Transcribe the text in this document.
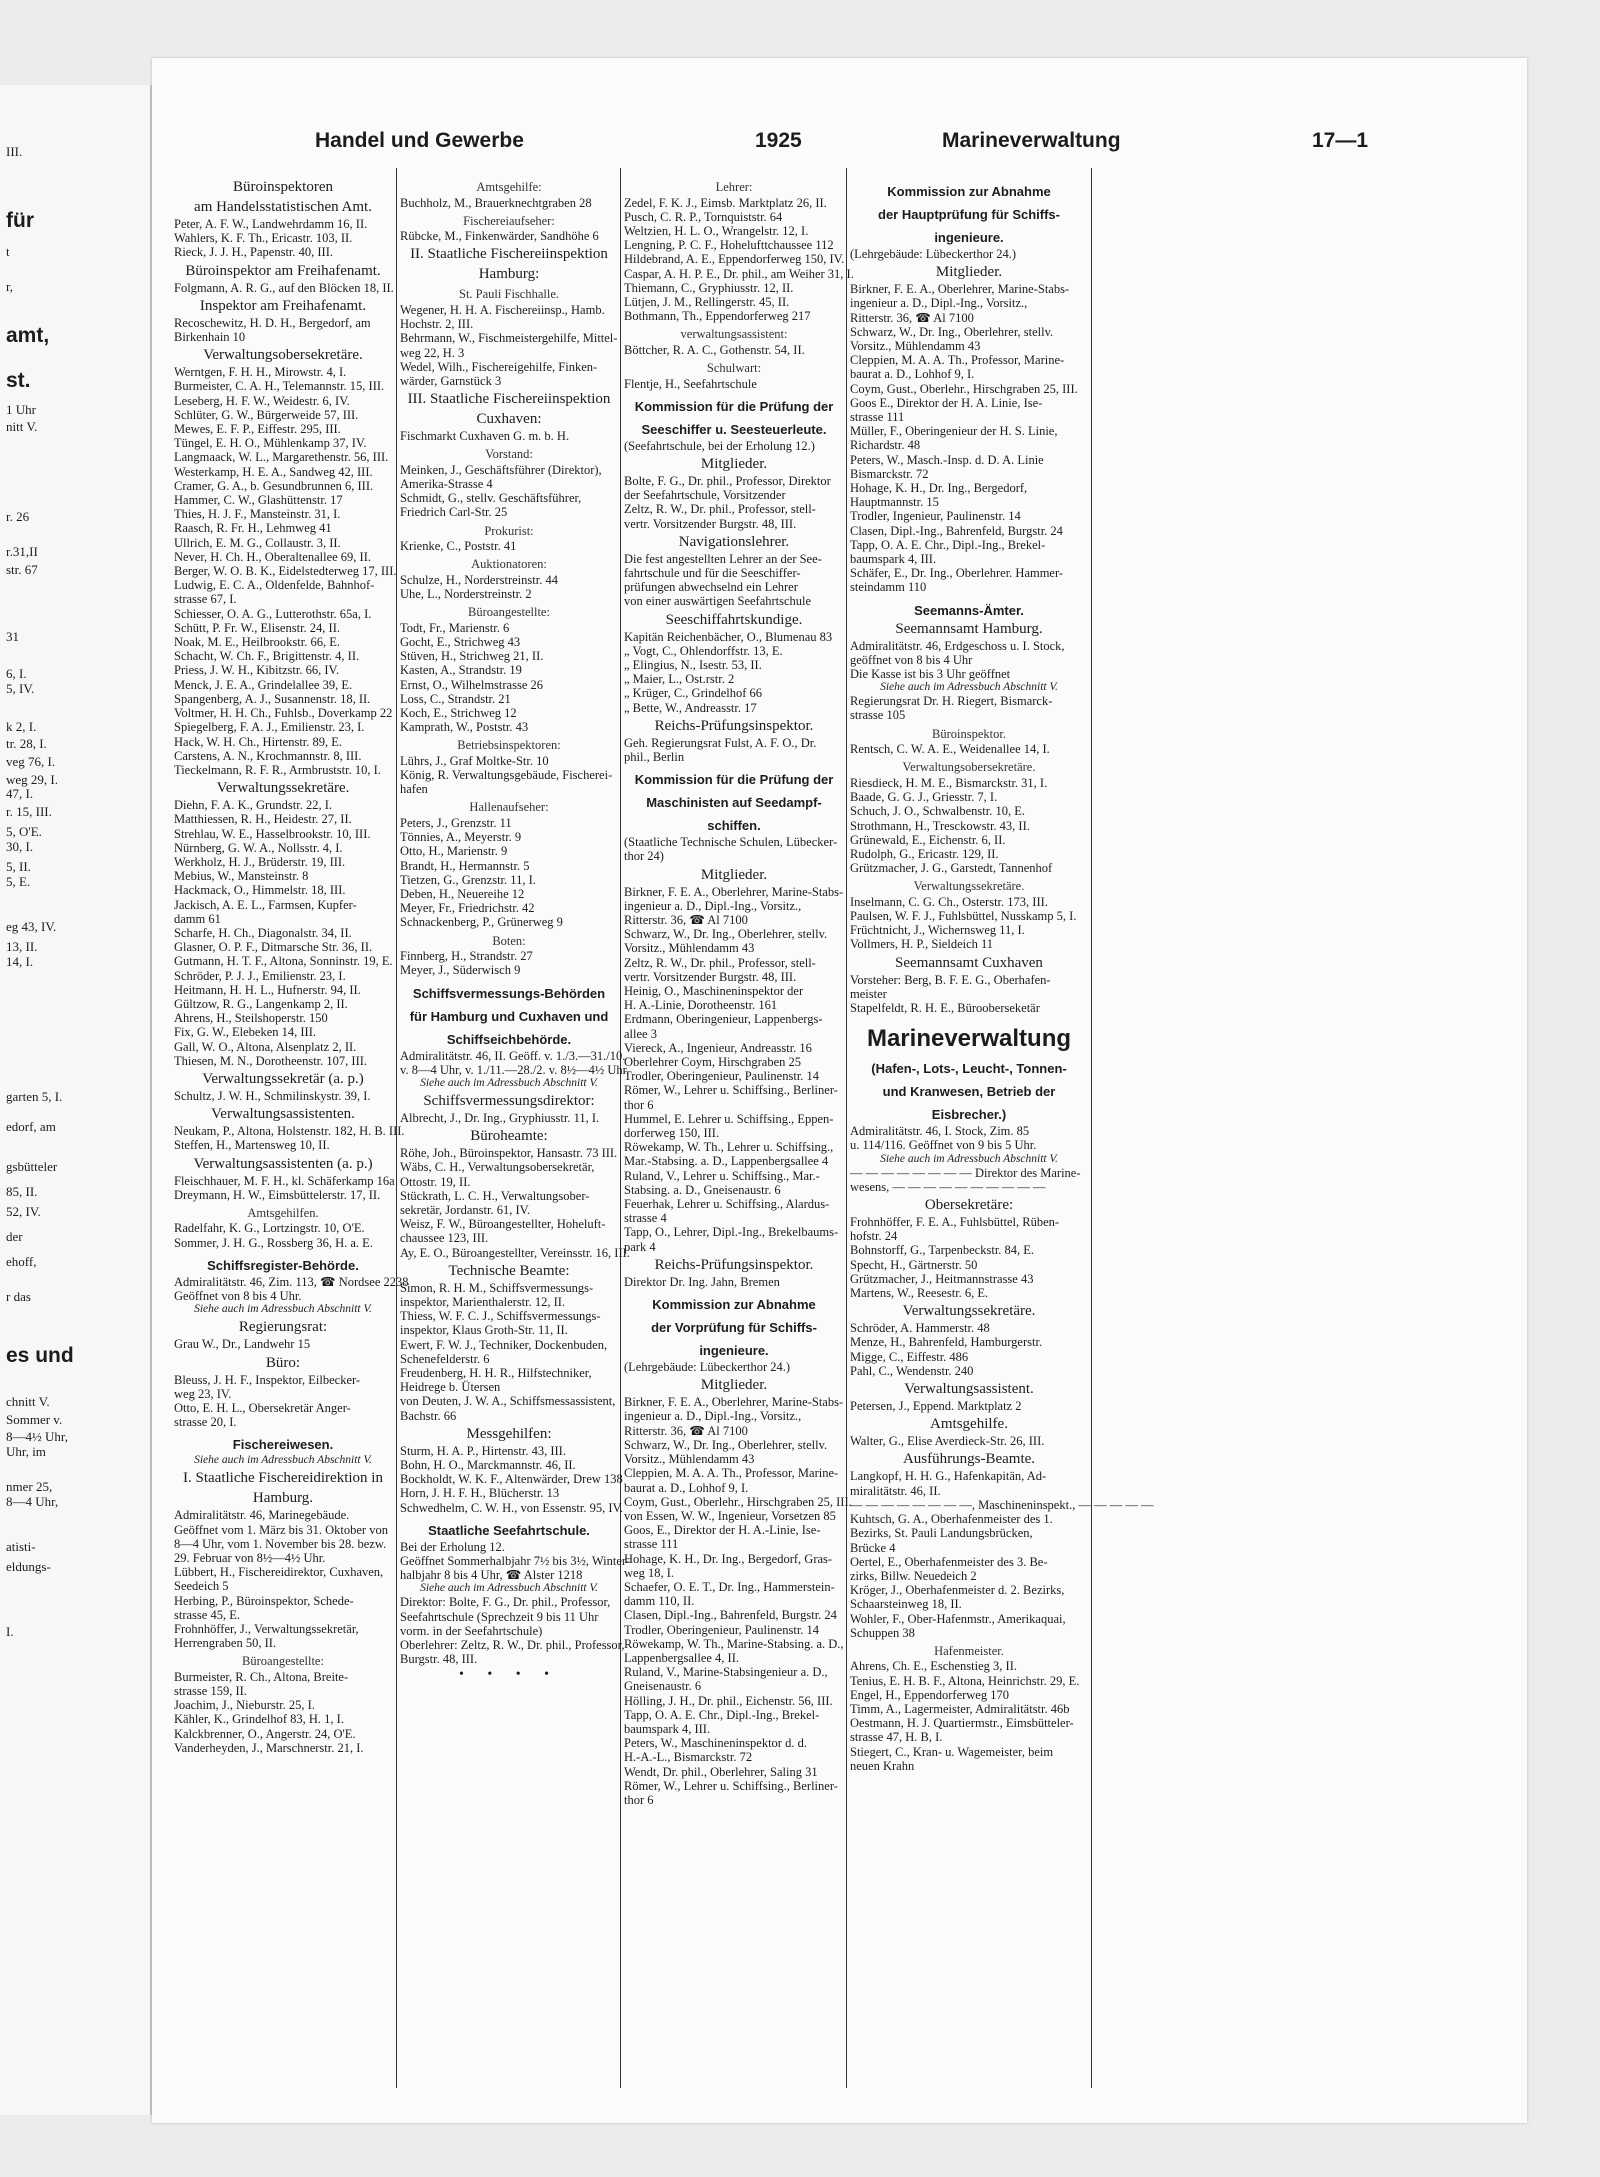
III.
für
t
r,
amt,
st.
1 Uhr
nitt V.
r. 26
r.31,II
str. 67
31
6, I.
5, IV.
k 2, I.
tr. 28, I.
veg 76, I.
weg 29, I.
47, I.
r. 15, III.
5, O'E.
30, I.
5, II.
5, E.
eg 43, IV.
13, II.
14, I.
garten 5, I.
edorf, am
gsbütteler
85, II.
52, IV.
der
ehoff,
r das
es und
chnitt V.
Sommer v.
8—4½ Uhr,
Uhr, im
nmer 25,
8—4 Uhr,
atisti-
eldungs-
I.
Handel und Gewerbe	1925	Marineverwaltung	17—1
Büroinspektoren
am Handelsstatistischen Amt.
Peter, A. F. W., Landwehrdamm 16, II.
Wahlers, K. F. Th., Ericastr. 103, II.
Rieck, J. J. H., Papenstr. 40, III.
Büroinspektor am Freihafenamt.
Folgmann, A. R. G., auf den Blöcken 18, II.
Inspektor am Freihafenamt.
Recoschewitz, H. D. H., Bergedorf, am
Birkenhain 10
Verwaltungsobersekretäre.
Werntgen, F. H. H., Mirowstr. 4, I.
Burmeister, C. A. H., Telemannstr. 15, III.
Leseberg, H. F. W., Weidestr. 6, IV.
Schlüter, G. W., Bürgerweide 57, III.
Mewes, E. F. P., Eiffestr. 295, III.
Tüngel, E. H. O., Mühlenkamp 37, IV.
Langmaack, W. L., Margarethenstr. 56, III.
Westerkamp, H. E. A., Sandweg 42, III.
Cramer, G. A., b. Gesundbrunnen 6, III.
Hammer, C. W., Glashüttenstr. 17
Thies, H. J. F., Mansteinstr. 31, I.
Raasch, R. Fr. H., Lehmweg 41
Ullrich, E. M. G., Collaustr. 3, II.
Never, H. Ch. H., Oberaltenallee 69, II.
Berger, W. O. B. K., Eidelstedterweg 17, III.
Ludwig, E. C. A., Oldenfelde, Bahnhof-
strasse 67, I.
Schiesser, O. A. G., Lutterothstr. 65a, I.
Schütt, P. Fr. W., Elisenstr. 24, II.
Noak, M. E., Heilbrookstr. 66, E.
Schacht, W. Ch. F., Brigittenstr. 4, II.
Priess, J. W. H., Kibitzstr. 66, IV.
Menck, J. E. A., Grindelallee 39, E.
Spangenberg, A. J., Susannenstr. 18, II.
Voltmer, H. H. Ch., Fuhlsb., Doverkamp 22
Spiegelberg, F. A. J., Emilienstr. 23, I.
Hack, W. H. Ch., Hirtenstr. 89, E.
Carstens, A. N., Krochmannstr. 8, III.
Tieckelmann, R. F. R., Armbruststr. 10, I.
Verwaltungssekretäre.
Diehn, F. A. K., Grundstr. 22, I.
Matthiessen, R. H., Heidestr. 27, II.
Strehlau, W. E., Hasselbrookstr. 10, III.
Nürnberg, G. W. A., Nollsstr. 4, I.
Werkholz, H. J., Brüderstr. 19, III.
Mebius, W., Mansteinstr. 8
Hackmack, O., Himmelstr. 18, III.
Jackisch, A. E. L., Farmsen, Kupfer-
damm 61
Scharfe, H. Ch., Diagonalstr. 34, II.
Glasner, O. P. F., Ditmarsche Str. 36, II.
Gutmann, H. T. F., Altona, Sonninstr. 19, E.
Schröder, P. J. J., Emilienstr. 23, I.
Heitmann, H. H. L., Hufnerstr. 94, II.
Gültzow, R. G., Langenkamp 2, II.
Ahrens, H., Steilshoperstr. 150
Fix, G. W., Elebeken 14, III.
Gall, W. O., Altona, Alsenplatz 2, II.
Thiesen, M. N., Dorotheenstr. 107, III.
Verwaltungssekretär (a. p.)
Schultz, J. W. H., Schmilinskystr. 39, I.
Verwaltungsassistenten.
Neukam, P., Altona, Holstenstr. 182, H. B. III.
Steffen, H., Martensweg 10, II.
Verwaltungsassistenten (a. p.)
Fleischhauer, M. F. H., kl. Schäferkamp 16a
Dreymann, H. W., Eimsbüttelerstr. 17, II.
Amtsgehilfen.
Radelfahr, K. G., Lortzingstr. 10, O'E.
Sommer, J. H. G., Rossberg 36, H. a. E.
Schiffsregister-Behörde.
Admiralitätstr. 46, Zim. 113, ☎ Nordsee 2238
Geöffnet von 8 bis 4 Uhr.
Siehe auch im Adressbuch Abschnitt V.
Regierungsrat:
Grau W., Dr., Landwehr 15
Büro:
Bleuss, J. H. F., Inspektor, Eilbecker-
weg 23, IV.
Otto, E. H. L., Obersekretär Anger-
strasse 20, I.
Fischereiwesen.
Siehe auch im Adressbuch Abschnitt V.
I. Staatliche Fischereidirektion in
Hamburg.
Admiralitätstr. 46, Marinegebäude.
Geöffnet vom 1. März bis 31. Oktober von
8—4 Uhr, vom 1. November bis 28. bezw.
29. Februar von 8½—4½ Uhr.
Lübbert, H., Fischereidirektor, Cuxhaven,
Seedeich 5
Herbing, P., Büroinspektor, Schede-
strasse 45, E.
Frohnhöffer, J., Verwaltungssekretär,
Herrengraben 50, II.
Büroangestellte:
Burmeister, R. Ch., Altona, Breite-
strasse 159, II.
Joachim, J., Nieburstr. 25, I.
Kähler, K., Grindelhof 83, H. 1, I.
Kalckbrenner, O., Angerstr. 24, O'E.
Vanderheyden, J., Marschnerstr. 21, I.
Amtsgehilfe:
Buchholz, M., Brauerknechtgraben 28
Fischereiaufseher:
Rübcke, M., Finkenwärder, Sandhöhe 6
II. Staatliche Fischereiinspektion
Hamburg:
St. Pauli Fischhalle.
Wegener, H. H. A. Fischereiinsp., Hamb.
Hochstr. 2, III.
Behrmann, W., Fischmeistergehilfe, Mittel-
weg 22, H. 3
Wedel, Wilh., Fischereigehilfe, Finken-
wärder, Garnstück 3
III. Staatliche Fischereiinspektion
Cuxhaven:
Fischmarkt Cuxhaven G. m. b. H.
Vorstand:
Meinken, J., Geschäftsführer (Direktor),
Amerika-Strasse 4
Schmidt, G., stellv. Geschäftsführer,
Friedrich Carl-Str. 25
Prokurist:
Krienke, C., Poststr. 41
Auktionatoren:
Schulze, H., Norderstreinstr. 44
Uhe, L., Norderstreinstr. 2
Büroangestellte:
Todt, Fr., Marienstr. 6
Gocht, E., Strichweg 43
Stüven, H., Strichweg 21, II.
Kasten, A., Strandstr. 19
Ernst, O., Wilhelmstrasse 26
Loss, C., Strandstr. 21
Koch, E., Strichweg 12
Kamprath, W., Poststr. 43
Betriebsinspektoren:
Lührs, J., Graf Moltke-Str. 10
König, R. Verwaltungsgebäude, Fischerei-
hafen
Hallenaufseher:
Peters, J., Grenzstr. 11
Tönnies, A., Meyerstr. 9
Otto, H., Marienstr. 9
Brandt, H., Hermannstr. 5
Tietzen, G., Grenzstr. 11, I.
Deben, H., Neuereihe 12
Meyer, Fr., Friedrichstr. 42
Schnackenberg, P., Grünerweg 9
Boten:
Finnberg, H., Strandstr. 27
Meyer, J., Süderwisch 9
Schiffsvermessungs-Behörden
für Hamburg und Cuxhaven und
Schiffseichbehörde.
Admiralitätstr. 46, II. Geöff. v. 1./3.—31./10.
v. 8—4 Uhr, v. 1./11.—28./2. v. 8½—4½ Uhr.
Siehe auch im Adressbuch Abschnitt V.
Schiffsvermessungsdirektor:
Albrecht, J., Dr. Ing., Gryphiusstr. 11, I.
Büroheamte:
Röhe, Joh., Büroinspektor, Hansastr. 73 III.
Wäbs, C. H., Verwaltungsobersekretär,
Ottostr. 19, II.
Stückrath, L. C. H., Verwaltungsober-
sekretär, Jordanstr. 61, IV.
Weisz, F. W., Büroangestellter, Hoheluft-
chaussee 123, III.
Ay, E. O., Büroangestellter, Vereinsstr. 16, III.
Technische Beamte:
Simon, R. H. M., Schiffsvermessungs-
inspektor, Marienthalerstr. 12, II.
Thiess, W. F. C. J., Schiffsvermessungs-
inspektor, Klaus Groth-Str. 11, II.
Ewert, F. W. J., Techniker, Dockenbuden,
Schenefelderstr. 6
Freudenberg, H. H. R., Hilfstechniker,
Heidrege b. Ütersen
von Deuten, J. W. A., Schiffsmessassistent,
Bachstr. 66
Messgehilfen:
Sturm, H. A. P., Hirtenstr. 43, III.
Bohn, H. O., Marckmannstr. 46, II.
Bockholdt, W. K. F., Altenwärder, Drew 138
Horn, J. H. F. H., Blücherstr. 13
Schwedhelm, C. W. H., von Essenstr. 95, IV.
Staatliche Seefahrtschule.
Bei der Erholung 12.
Geöffnet Sommerhalbjahr 7½ bis 3½, Winter-
halbjahr 8 bis 4 Uhr, ☎ Alster 1218
Siehe auch im Adressbuch Abschnitt V.
Direktor: Bolte, F. G., Dr. phil., Professor,
Seefahrtschule (Sprechzeit 9 bis 11 Uhr
vorm. in der Seefahrtschule)
Oberlehrer: Zeltz, R. W., Dr. phil., Professor,
Burgstr. 48, III.
• • • •
Lehrer:
Zedel, F. K. J., Eimsb. Marktplatz 26, II.
Pusch, C. R. P., Tornquiststr. 64
Weltzien, H. L. O., Wrangelstr. 12, I.
Lengning, P. C. F., Hohelufttchaussee 112
Hildebrand, A. E., Eppendorferweg 150, IV.
Caspar, A. H. P. E., Dr. phil., am Weiher 31, I.
Thiemann, C., Gryphiusstr. 12, II.
Lütjen, J. M., Rellingerstr. 45, II.
Bothmann, Th., Eppendorferweg 217
verwaltungsassistent:
Böttcher, R. A. C., Gothenstr. 54, II.
Schulwart:
Flentje, H., Seefahrtschule
Kommission für die Prüfung der
Seeschiffer u. Seesteuerleute.
(Seefahrtschule, bei der Erholung 12.)
Mitglieder.
Bolte, F. G., Dr. phil., Professor, Direktor
der Seefahrtschule, Vorsitzender
Zeltz, R. W., Dr. phil., Professor, stell-
vertr. Vorsitzender Burgstr. 48, III.
Navigationslehrer.
Die fest angestellten Lehrer an der See-
fahrtschule und für die Seeschiffer-
prüfungen abwechselnd ein Lehrer
von einer auswärtigen Seefahrtschule
Seeschiffahrtskundige.
Kapitän Reichenbächer, O., Blumenau 83
„ Vogt, C., Ohlendorffstr. 13, E.
„ Elingius, N., Isestr. 53, II.
„ Maier, L., Ost.rstr. 2
„ Krüger, C., Grindelhof 66
„ Bette, W., Andreasstr. 17
Reichs-Prüfungsinspektor.
Geh. Regierungsrat Fulst, A. F. O., Dr.
phil., Berlin
Kommission für die Prüfung der
Maschinisten auf Seedampf-
schiffen.
(Staatliche Technische Schulen, Lübecker-
thor 24)
Mitglieder.
Birkner, F. E. A., Oberlehrer, Marine-Stabs-
ingenieur a. D., Dipl.-Ing., Vorsitz.,
Ritterstr. 36, ☎ Al 7100
Schwarz, W., Dr. Ing., Oberlehrer, stellv.
Vorsitz., Mühlendamm 43
Zeltz, R. W., Dr. phil., Professor, stell-
vertr. Vorsitzender Burgstr. 48, III.
Heinig, O., Maschineninspektor der
H. A.-Linie, Dorotheenstr. 161
Erdmann, Oberingenieur, Lappenbergs-
allee 3
Viereck, A., Ingenieur, Andreasstr. 16
Oberlehrer Coym, Hirschgraben 25
Trodler, Oberingenieur, Paulinenstr. 14
Römer, W., Lehrer u. Schiffsing., Berliner-
thor 6
Hummel, E. Lehrer u. Schiffsing., Eppen-
dorferweg 150, III.
Röwekamp, W. Th., Lehrer u. Schiffsing.,
Mar.-Stabsing. a. D., Lappenbergsallee 4
Ruland, V., Lehrer u. Schiffsing., Mar.-
Stabsing. a. D., Gneisenaustr. 6
Feuerhak, Lehrer u. Schiffsing., Alardus-
strasse 4
Tapp, O., Lehrer, Dipl.-Ing., Brekelbaums-
park 4
Reichs-Prüfungsinspektor.
Direktor Dr. Ing. Jahn, Bremen
Kommission zur Abnahme
der Vorprüfung für Schiffs-
ingenieure.
(Lehrgebäude: Lübeckerthor 24.)
Mitglieder.
Birkner, F. E. A., Oberlehrer, Marine-Stabs-
ingenieur a. D., Dipl.-Ing., Vorsitz.,
Ritterstr. 36, ☎ Al 7100
Schwarz, W., Dr. Ing., Oberlehrer, stellv.
Vorsitz., Mühlendamm 43
Cleppien, M. A. A. Th., Professor, Marine-
baurat a. D., Lohhof 9, I.
Coym, Gust., Oberlehr., Hirschgraben 25, III.
von Essen, W. W., Ingenieur, Vorsetzen 85
Goos, E., Direktor der H. A.-Linie, Ise-
strasse 111
Hohage, K. H., Dr. Ing., Bergedorf, Gras-
weg 18, I.
Schaefer, O. E. T., Dr. Ing., Hammerstein-
damm 110, II.
Clasen, Dipl.-Ing., Bahrenfeld, Burgstr. 24
Trodler, Oberingenieur, Paulinenstr. 14
Röwekamp, W. Th., Marine-Stabsing. a. D.,
Lappenbergsallee 4, II.
Ruland, V., Marine-Stabsingenieur a. D.,
Gneisenaustr. 6
Hölling, J. H., Dr. phil., Eichenstr. 56, III.
Tapp, O. A. E. Chr., Dipl.-Ing., Brekel-
baumspark 4, III.
Peters, W., Maschineninspektor d. d.
H.-A.-L., Bismarckstr. 72
Wendt, Dr. phil., Oberlehrer, Saling 31
Römer, W., Lehrer u. Schiffsing., Berliner-
thor 6
Kommission zur Abnahme
der Hauptprüfung für Schiffs-
ingenieure.
(Lehrgebäude: Lübeckerthor 24.)
Mitglieder.
Birkner, F. E. A., Oberlehrer, Marine-Stabs-
ingenieur a. D., Dipl.-Ing., Vorsitz.,
Ritterstr. 36, ☎ Al 7100
Schwarz, W., Dr. Ing., Oberlehrer, stellv.
Vorsitz., Mühlendamm 43
Cleppien, M. A. A. Th., Professor, Marine-
baurat a. D., Lohhof 9, I.
Coym, Gust., Oberlehr., Hirschgraben 25, III.
Goos E., Direktor der H. A. Linie, Ise-
strasse 111
Müller, F., Oberingenieur der H. S. Linie,
Richardstr. 48
Peters, W., Masch.-Insp. d. D. A. Linie
Bismarckstr. 72
Hohage, K. H., Dr. Ing., Bergedorf,
Hauptmannstr. 15
Trodler, Ingenieur, Paulinenstr. 14
Clasen, Dipl.-Ing., Bahrenfeld, Burgstr. 24
Tapp, O. A. E. Chr., Dipl.-Ing., Brekel-
baumspark 4, III.
Schäfer, E., Dr. Ing., Oberlehrer. Hammer-
steindamm 110
Seemanns-Ämter.
Seemannsamt Hamburg.
Admiralitätstr. 46, Erdgeschoss u. I. Stock,
geöffnet von 8 bis 4 Uhr
Die Kasse ist bis 3 Uhr geöffnet
Siehe auch im Adressbuch Abschnitt V.
Regierungsrat Dr. H. Riegert, Bismarck-
strasse 105
Büroinspektor.
Rentsch, C. W. A. E., Weidenallee 14, I.
Verwaltungsobersekretäre.
Riesdieck, H. M. E., Bismarckstr. 31, I.
Baade, G. G. J., Griesstr. 7, I.
Schuch, J. O., Schwalbenstr. 10, E.
Strothmann, H., Tresckowstr. 43, II.
Grünewald, E., Eichenstr. 6, II.
Rudolph, G., Ericastr. 129, II.
Grützmacher, J. G., Garstedt, Tannenhof
Verwaltungssekretäre.
Inselmann, C. G. Ch., Osterstr. 173, III.
Paulsen, W. F. J., Fuhlsbüttel, Nusskamp 5, I.
Früchtnicht, J., Wichernsweg 11, I.
Vollmers, H. P., Sieldeich 11
Seemannsamt Cuxhaven
Vorsteher: Berg, B. F. E. G., Oberhafen-
meister
Stapelfeldt, R. H. E., Bürooberseketär
Marineverwaltung
(Hafen-, Lots-, Leucht-, Tonnen-
und Kranwesen, Betrieb der
Eisbrecher.)
Admiralitätstr. 46, I. Stock, Zim. 85
u. 114/116. Geöffnet von 9 bis 5 Uhr.
Siehe auch im Adressbuch Abschnitt V.
— — — — — — — — Direktor des Marine-
wesens, — — — — — — — — — —
Obersekretäre:
Frohnhöffer, F. E. A., Fuhlsbüttel, Rüben-
hofstr. 24
Bohnstorff, G., Tarpenbeckstr. 84, E.
Specht, H., Gärtnerstr. 50
Grützmacher, J., Heitmannstrasse 43
Martens, W., Reesestr. 6, E.
Verwaltungssekretäre.
Schröder, A. Hammerstr. 48
Menze, H., Bahrenfeld, Hamburgerstr.
Migge, C., Eiffestr. 486
Pahl, C., Wendenstr. 240
Verwaltungsassistent.
Petersen, J., Eppend. Marktplatz 2
Amtsgehilfe.
Walter, G., Elise Averdieck-Str. 26, III.
Ausführungs-Beamte.
Langkopf, H. H. G., Hafenkapitän, Ad-
miralitätstr. 46, II.
— — — — — — — —, Maschineninspekt., — — — — —
Kuhtsch, G. A., Oberhafenmeister des 1.
Bezirks, St. Pauli Landungsbrücken,
Brücke 4
Oertel, E., Oberhafenmeister des 3. Be-
zirks, Billw. Neuedeich 2
Kröger, J., Oberhafenmeister d. 2. Bezirks,
Schaarsteinweg 18, II.
Wohler, F., Ober-Hafenmstr., Amerikaquai,
Schuppen 38
Hafenmeister.
Ahrens, Ch. E., Eschenstieg 3, II.
Tenius, E. H. B. F., Altona, Heinrichstr. 29, E.
Engel, H., Eppendorferweg 170
Timm, A., Lagermeister, Admiralitätstr. 46b
Oestmann, H. J. Quartiermstr., Eimsbütteler-
strasse 47, H. B, I.
Stiegert, C., Kran- u. Wagemeister, beim
neuen Krahn
